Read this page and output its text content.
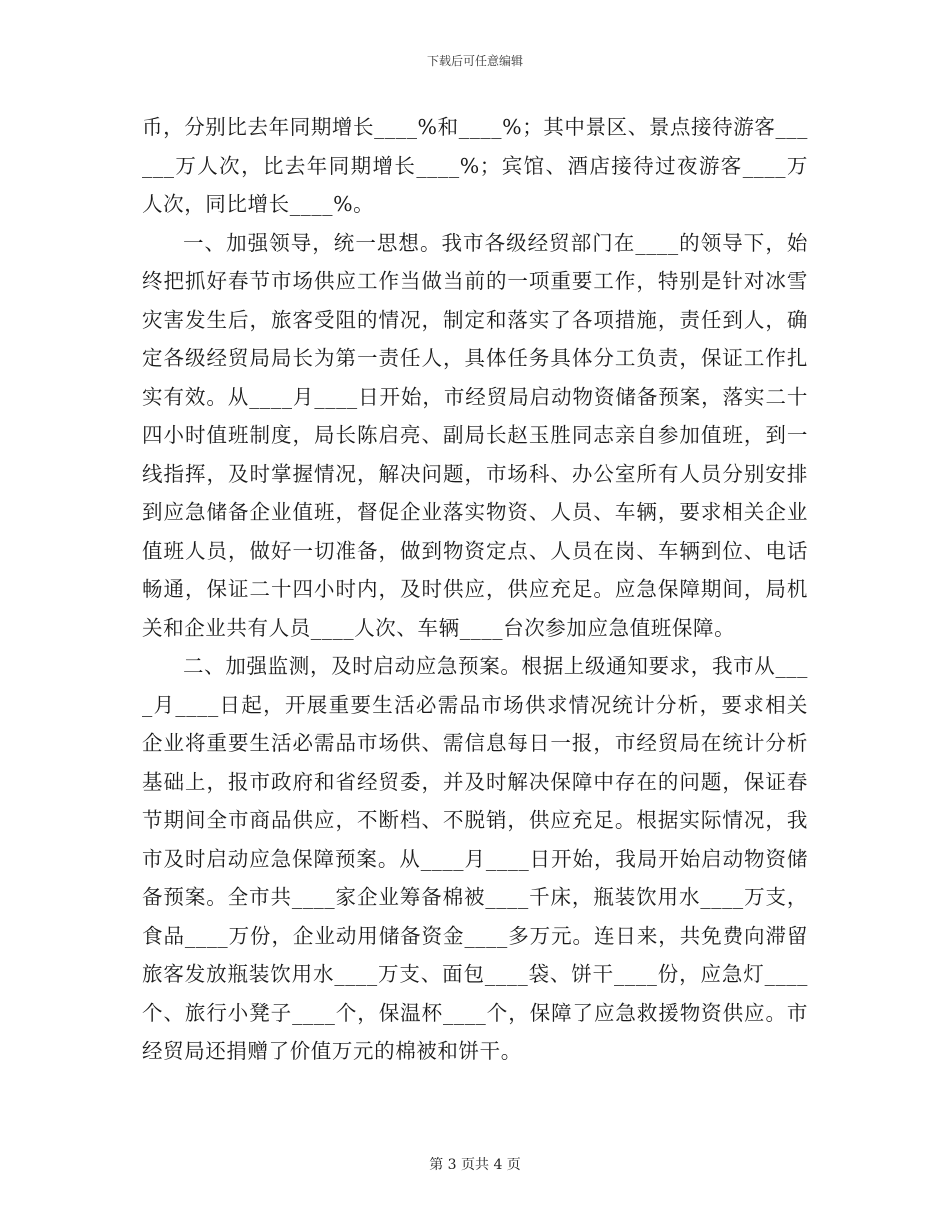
下载后可任意编辑

币，分别比去年同期增长____%和____%；其中景区、景点接待游客______万人次，比去年同期增长____%；宾馆、酒店接待过夜游客____万人次，同比增长____%。

一、加强领导，统一思想。我市各级经贸部门在____的领导下，始终把抓好春节市场供应工作当做当前的一项重要工作，特别是针对冰雪灾害发生后，旅客受阻的情况，制定和落实了各项措施，责任到人，确定各级经贸局局长为第一责任人，具体任务具体分工负责，保证工作扎实有效。从____月____日开始，市经贸局启动物资储备预案，落实二十四小时值班制度，局长陈启亮、副局长赵玉胜同志亲自参加值班，到一线指挥，及时掌握情况，解决问题，市场科、办公室所有人员分别安排到应急储备企业值班，督促企业落实物资、人员、车辆，要求相关企业值班人员，做好一切准备，做到物资定点、人员在岗、车辆到位、电话畅通，保证二十四小时内，及时供应，供应充足。应急保障期间，局机关和企业共有人员____人次、车辆____台次参加应急值班保障。

二、加强监测，及时启动应急预案。根据上级通知要求，我市从____月____日起，开展重要生活必需品市场供求情况统计分析，要求相关企业将重要生活必需品市场供、需信息每日一报，市经贸局在统计分析基础上，报市政府和省经贸委，并及时解决保障中存在的问题，保证春节期间全市商品供应，不断档、不脱销，供应充足。根据实际情况，我市及时启动应急保障预案。从____月____日开始，我局开始启动物资储备预案。全市共____家企业筹备棉被____千床，瓶装饮用水____万支，食品____万份，企业动用储备资金____多万元。连日来，共免费向滞留旅客发放瓶装饮用水____万支、面包____袋、饼干____份，应急灯____个、旅行小凳子____个，保温杯____个，保障了应急救援物资供应。市经贸局还捐赠了价值万元的棉被和饼干。

第 3 页共 4 页
